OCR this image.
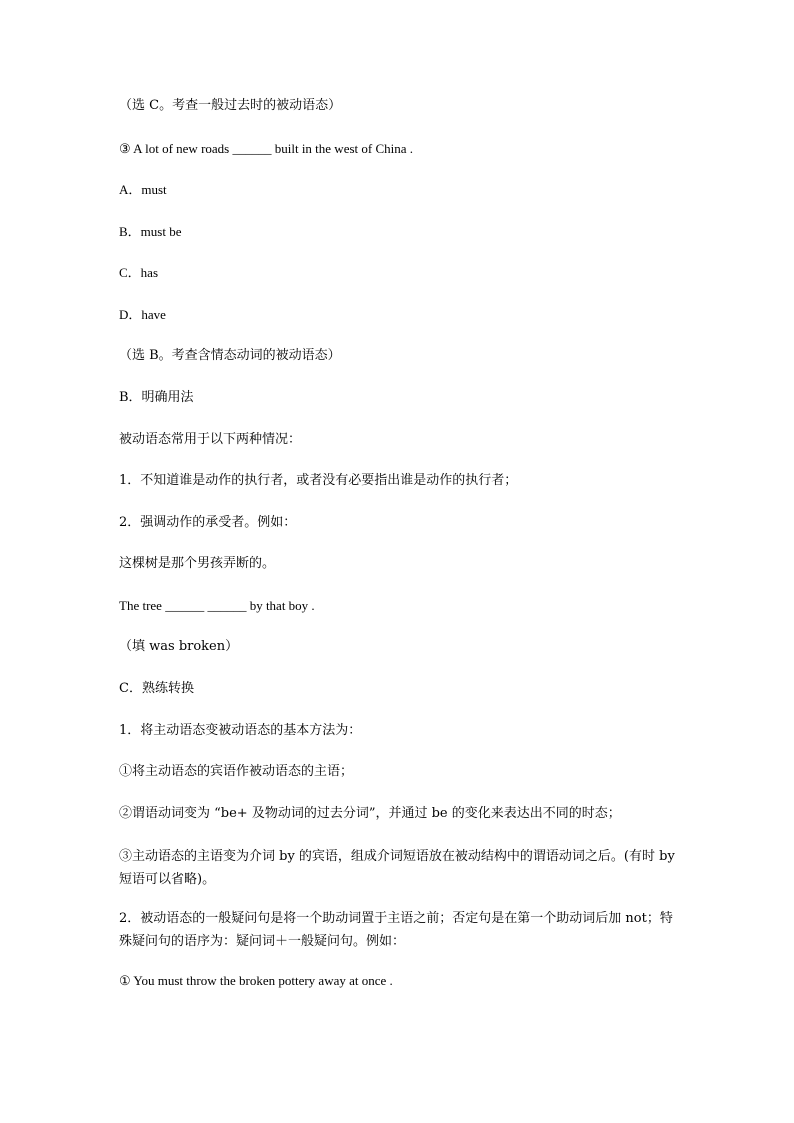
（选 C。考查一般过去时的被动语态）
③ A lot of new roads ______ built in the west of China .
A．must
B．must be
C．has
D．have
（选 B。考查含情态动词的被动语态）
B．明确用法
被动语态常用于以下两种情况：
1．不知道谁是动作的执行者，或者没有必要指出谁是动作的执行者；
2．强调动作的承受者。例如：
这棵树是那个男孩弄断的。
The tree ______ ______ by that boy .
（填 was broken）
C．熟练转换
1．将主动语态变被动语态的基本方法为：
①将主动语态的宾语作被动语态的主语；
②谓语动词变为 “be+ 及物动词的过去分词”，并通过 be 的变化来表达出不同的时态；
③主动语态的主语变为介词 by 的宾语，组成介词短语放在被动结构中的谓语动词之后。(有时 by 短语可以省略)。
2．被动语态的一般疑问句是将一个助动词置于主语之前；否定句是在第一个助动词后加 not；特殊疑问句的语序为：疑问词＋一般疑问句。例如：
① You must throw the broken pottery away at once .
